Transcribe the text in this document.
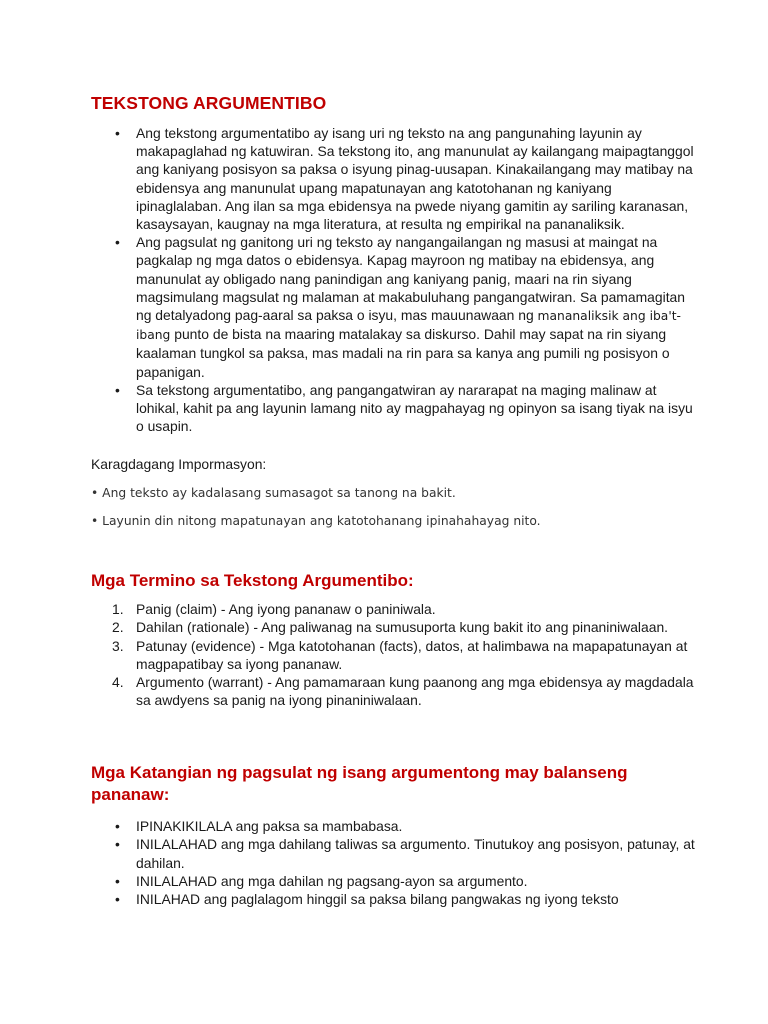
TEKSTONG ARGUMENTIBO
• Ang tekstong argumentatibo ay isang uri ng teksto na ang pangunahing layunin ay makapaglahad ng katuwiran. Sa tekstong ito, ang manunulat ay kailangang maipagtanggol ang kaniyang posisyon sa paksa o isyung pinag-uusapan. Kinakailangang may matibay na ebidensya ang manunulat upang mapatunayan ang katotohanan ng kaniyang ipinaglalaban. Ang ilan sa mga ebidensya na pwede niyang gamitin ay sariling karanasan, kasaysayan, kaugnay na mga literatura, at resulta ng empirikal na pananaliksik.
• Ang pagsulat ng ganitong uri ng teksto ay nangangailangan ng masusi at maingat na pagkalap ng mga datos o ebidensya. Kapag mayroon ng matibay na ebidensya, ang manunulat ay obligado nang panindigan ang kaniyang panig, maari na rin siyang magsimulang magsulat ng malaman at makabuluhang pangangatwiran. Sa pamamagitan ng detalyadong pag-aaral sa paksa o isyu, mas mauunawaan ng mananaliksik ang iba't-ibang punto de bista na maaring matalakay sa diskurso. Dahil may sapat na rin siyang kaalaman tungkol sa paksa, mas madali na rin para sa kanya ang pumili ng posisyon o papanigan.
• Sa tekstong argumentatibo, ang pangangatwiran ay nararapat na maging malinaw at lohikal, kahit pa ang layunin lamang nito ay magpahayag ng opinyon sa isang tiyak na isyu o usapin.

Karagdagang Impormasyon:

• Ang teksto ay kadalasang sumasagot sa tanong na bakit.

• Layunin din nitong mapatunayan ang katotohanang ipinahahayag nito.

Mga Termino sa Tekstong Argumentibo:
1. Panig (claim) - Ang iyong pananaw o paniniwala.
2. Dahilan (rationale) - Ang paliwanag na sumusuporta kung bakit ito ang pinaniniwalaan.
3. Patunay (evidence) - Mga katotohanan (facts), datos, at halimbawa na mapapatunayan at magpapatibay sa iyong pananaw.
4. Argumento (warrant) - Ang pamamaraan kung paanong ang mga ebidensya ay magdadala sa awdyens sa panig na iyong pinaniniwalaan.
Mga Katangian ng pagsulat ng isang argumentong may balanseng pananaw:
• IPINAKIKILALA ang paksa sa mambabasa.
• INILALAHAD ang mga dahilang taliwas sa argumento. Tinutukoy ang posisyon, patunay, at dahilan.
• INILALAHAD ang mga dahilan ng pagsang-ayon sa argumento.
• INILAHAD ang paglalagom hinggil sa paksa bilang pangwakas ng iyong teksto
